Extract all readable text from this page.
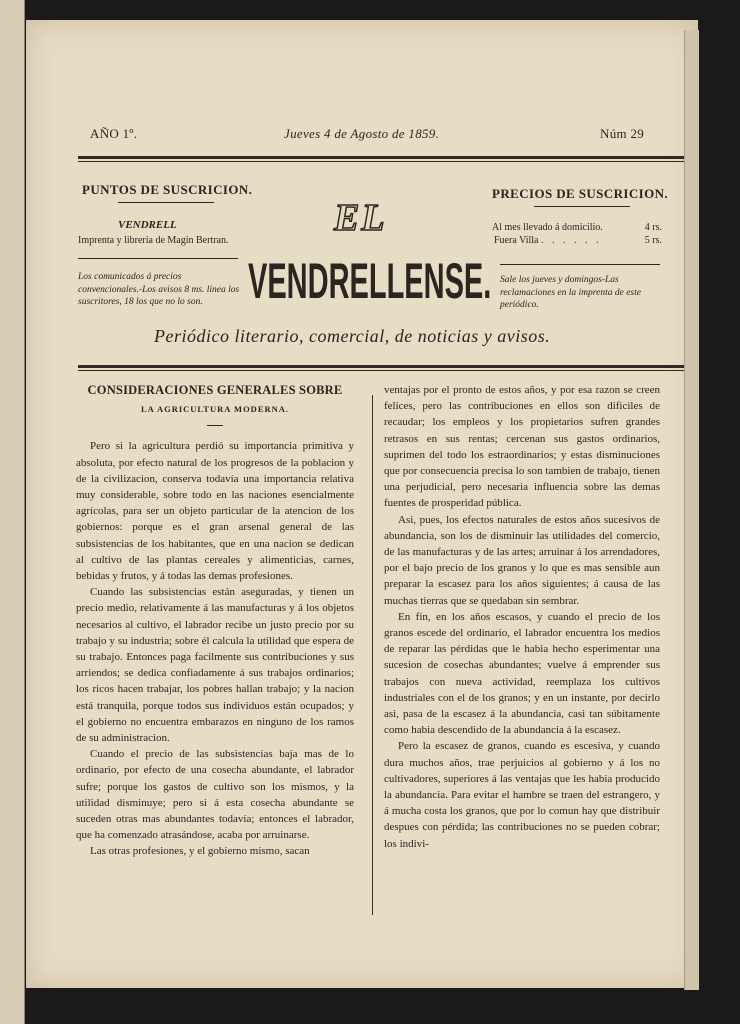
AÑO 1º.	Jueves 4 de Agosto de 1859.	Núm 29
PUNTOS DE SUSCRICION.
VENDRELL
Imprenta y libreria de Magin Bertran.
PRECIOS DE SUSCRICION.
Al mes llevado á domicilio.	4 rs.
Fuera Villa . . . . . .	5 rs.
EL
Los comunicados á precios convencionales.-Los avisos 8 ms. linea los suscritores, 18 los que no lo son. VENDRELLENSE. Sale los jueves y domingos-Las reclamaciones en la imprenta de este periódico.
Periódico literario, comercial, de noticias y avisos.
CONSIDERACIONES GENERALES SOBRE
LA AGRICULTURA MODERNA.

Pero si la agricultura perdió su importancia primitiva y absoluta, por efecto natural de los progresos de la poblacion y de la civilizacion, conserva todavía una importancia relativa muy considerable, sobre todo en las naciones esencialmente agrícolas, para ser un objeto particular de la atencion de los gobiernos: porque es el gran arsenal general de las subsistencias de los habitantes, que en una nacion se dedican al cultivo de las plantas cereales y alimenticias, carnes, bebidas y frutos, y á todas las demas profesiones.

Cuando las subsistencias están aseguradas, y tienen un precio medio, relativamente á las manufacturas y á los objetos necesarios al cultivo, el labrador recibe un justo precio por su trabajo y su industria; sobre él calcula la utilidad que espera de su trabajo. Entonces paga facilmente sus contribuciones y sus arriendos; se dedica confiadamente á sus trabajos ordinarios; los ricos hacen trabajar, los pobres hallan trabajo; y la nacion está tranquila, porque todos sus individuos están ocupados; y el gobierno no encuentra embarazos en ninguno de los ramos de su administracion.

Cuando el precio de las subsistencias baja mas de lo ordinario, por efecto de una cosecha abundante, el labrador sufre; porque los gastos de cultivo son los mismos, y la utilidad disminuye; pero si á esta cosecha abundante se suceden otras mas abundantes todavía; entonces el labrador, que ha comenzado atrasándose, acaba por arruinarse.

Las otras profesiones, y el gobierno mismo, sacan

ventajas por el pronto de estos años, y por esa razon se creen felices, pero las contribuciones en ellos son dificiles de recaudar; los empleos y los propietarios sufren grandes retrasos en sus rentas; cercenan sus gastos ordinarios, suprimen del todo los estraordinarios; y estas disminuciones que por consecuencia precisa lo son tambien de trabajo, tienen una perjudicial, pero necesaria influencia sobre las demas fuentes de prosperidad pública.

Asi, pues, los efectos naturales de estos años sucesivos de abundancia, son los de disminuir las utilidades del comercio, de las manufacturas y de las artes; arruinar á los arrendadores, por el bajo precio de los granos y lo que es mas sensible aun preparar la escasez para los años siguientes; á causa de las muchas tierras que se quedaban sin sembrar.

En fin, en los años escasos, y cuando el precio de los granos escede del ordinario, el labrador encuentra los medios de reparar las pérdidas que le habia hecho esperimentar una sucesion de cosechas abundantes; vuelve á emprender sus trabajos con nueva actividad, reemplaza los cultivos industriales con el de los granos; y en un instante, por decirlo asi, pasa de la escasez á la abundancia, casi tan súbitamente como habia descendido de la abundancia á la escasez.

Pero la escasez de granos, cuando es escesiva, y cuando dura muchos años, trae perjuicios al gobierno y á los no cultivadores, superiores á las ventajas que les habia producido la abundancia. Para evitar el hambre se traen del estrangero, y á mucha costa los granos, que por lo comun hay que distribuir despues con pérdida; las contribuciones no se pueden cobrar; los indivi-
